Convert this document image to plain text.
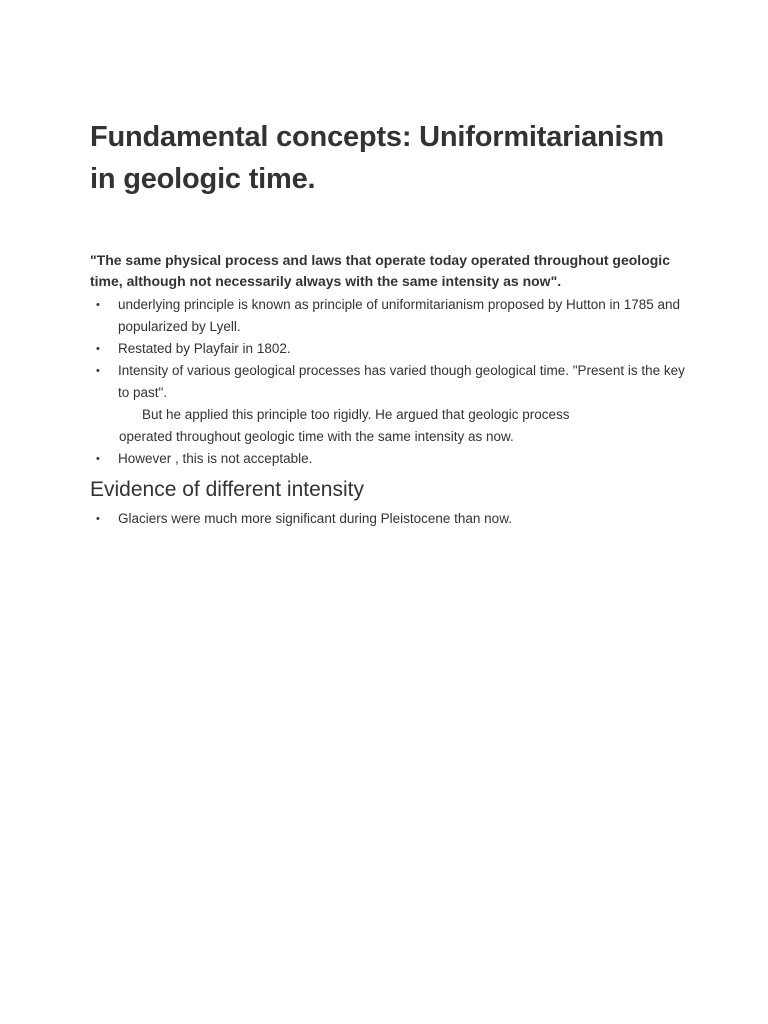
Fundamental concepts: Uniformitarianism in geologic time.

"The same physical process and laws that operate today operated throughout geologic time, although not necessarily always with the same intensity as now".

• underlying principle is known as principle of uniformitarianism proposed by Hutton in 1785 and popularized by Lyell.
• Restated by Playfair in 1802.
• Intensity of various geological processes has varied though geological time. "Present is the key to past".
But he applied this principle too rigidly. He argued that geologic process
operated throughout geologic time with the same intensity as now.
• However , this is not acceptable.
Evidence of different intensity
• Glaciers were much more significant during Pleistocene than now.
